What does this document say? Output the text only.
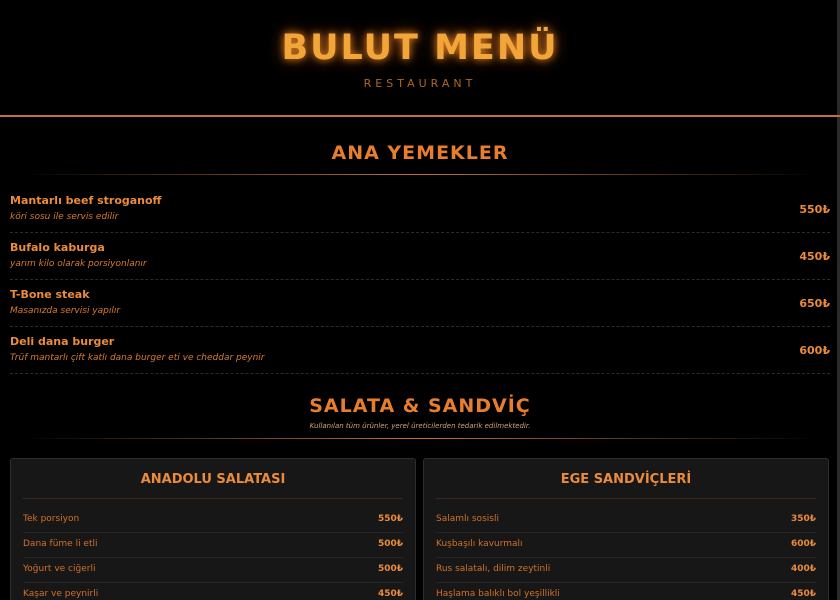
BULUT MENÜ
RESTAURANT
ANA YEMEKLER
Mantarlı beef stroganoff
köri sosu ile servis edilir
550₺
Bufalo kaburga
yarım kilo olarak porsiyonlanır
450₺
T-Bone steak
Masanızda servisi yapılır
650₺
Deli dana burger
Trüf mantarlı çift katlı dana burger eti ve cheddar peynir
600₺
SALATA & SANDVİÇ
Kullanılan tüm ürünler, yerel üreticilerden tedarik edilmektedir.
ANADOLU SALATASI
Tek porsiyon	550₺
Dana füme li etli	500₺
Yoğurt ve ciğerli	500₺
Kaşar ve peynirli	450₺
EGE SANDVİÇLERİ
Salamlı sosisli	350₺
Kuşbaşılı kavurmalı	600₺
Rus salatalı, dilim zeytinli	400₺
Haşlama balıklı bol yeşillikli	450₺
